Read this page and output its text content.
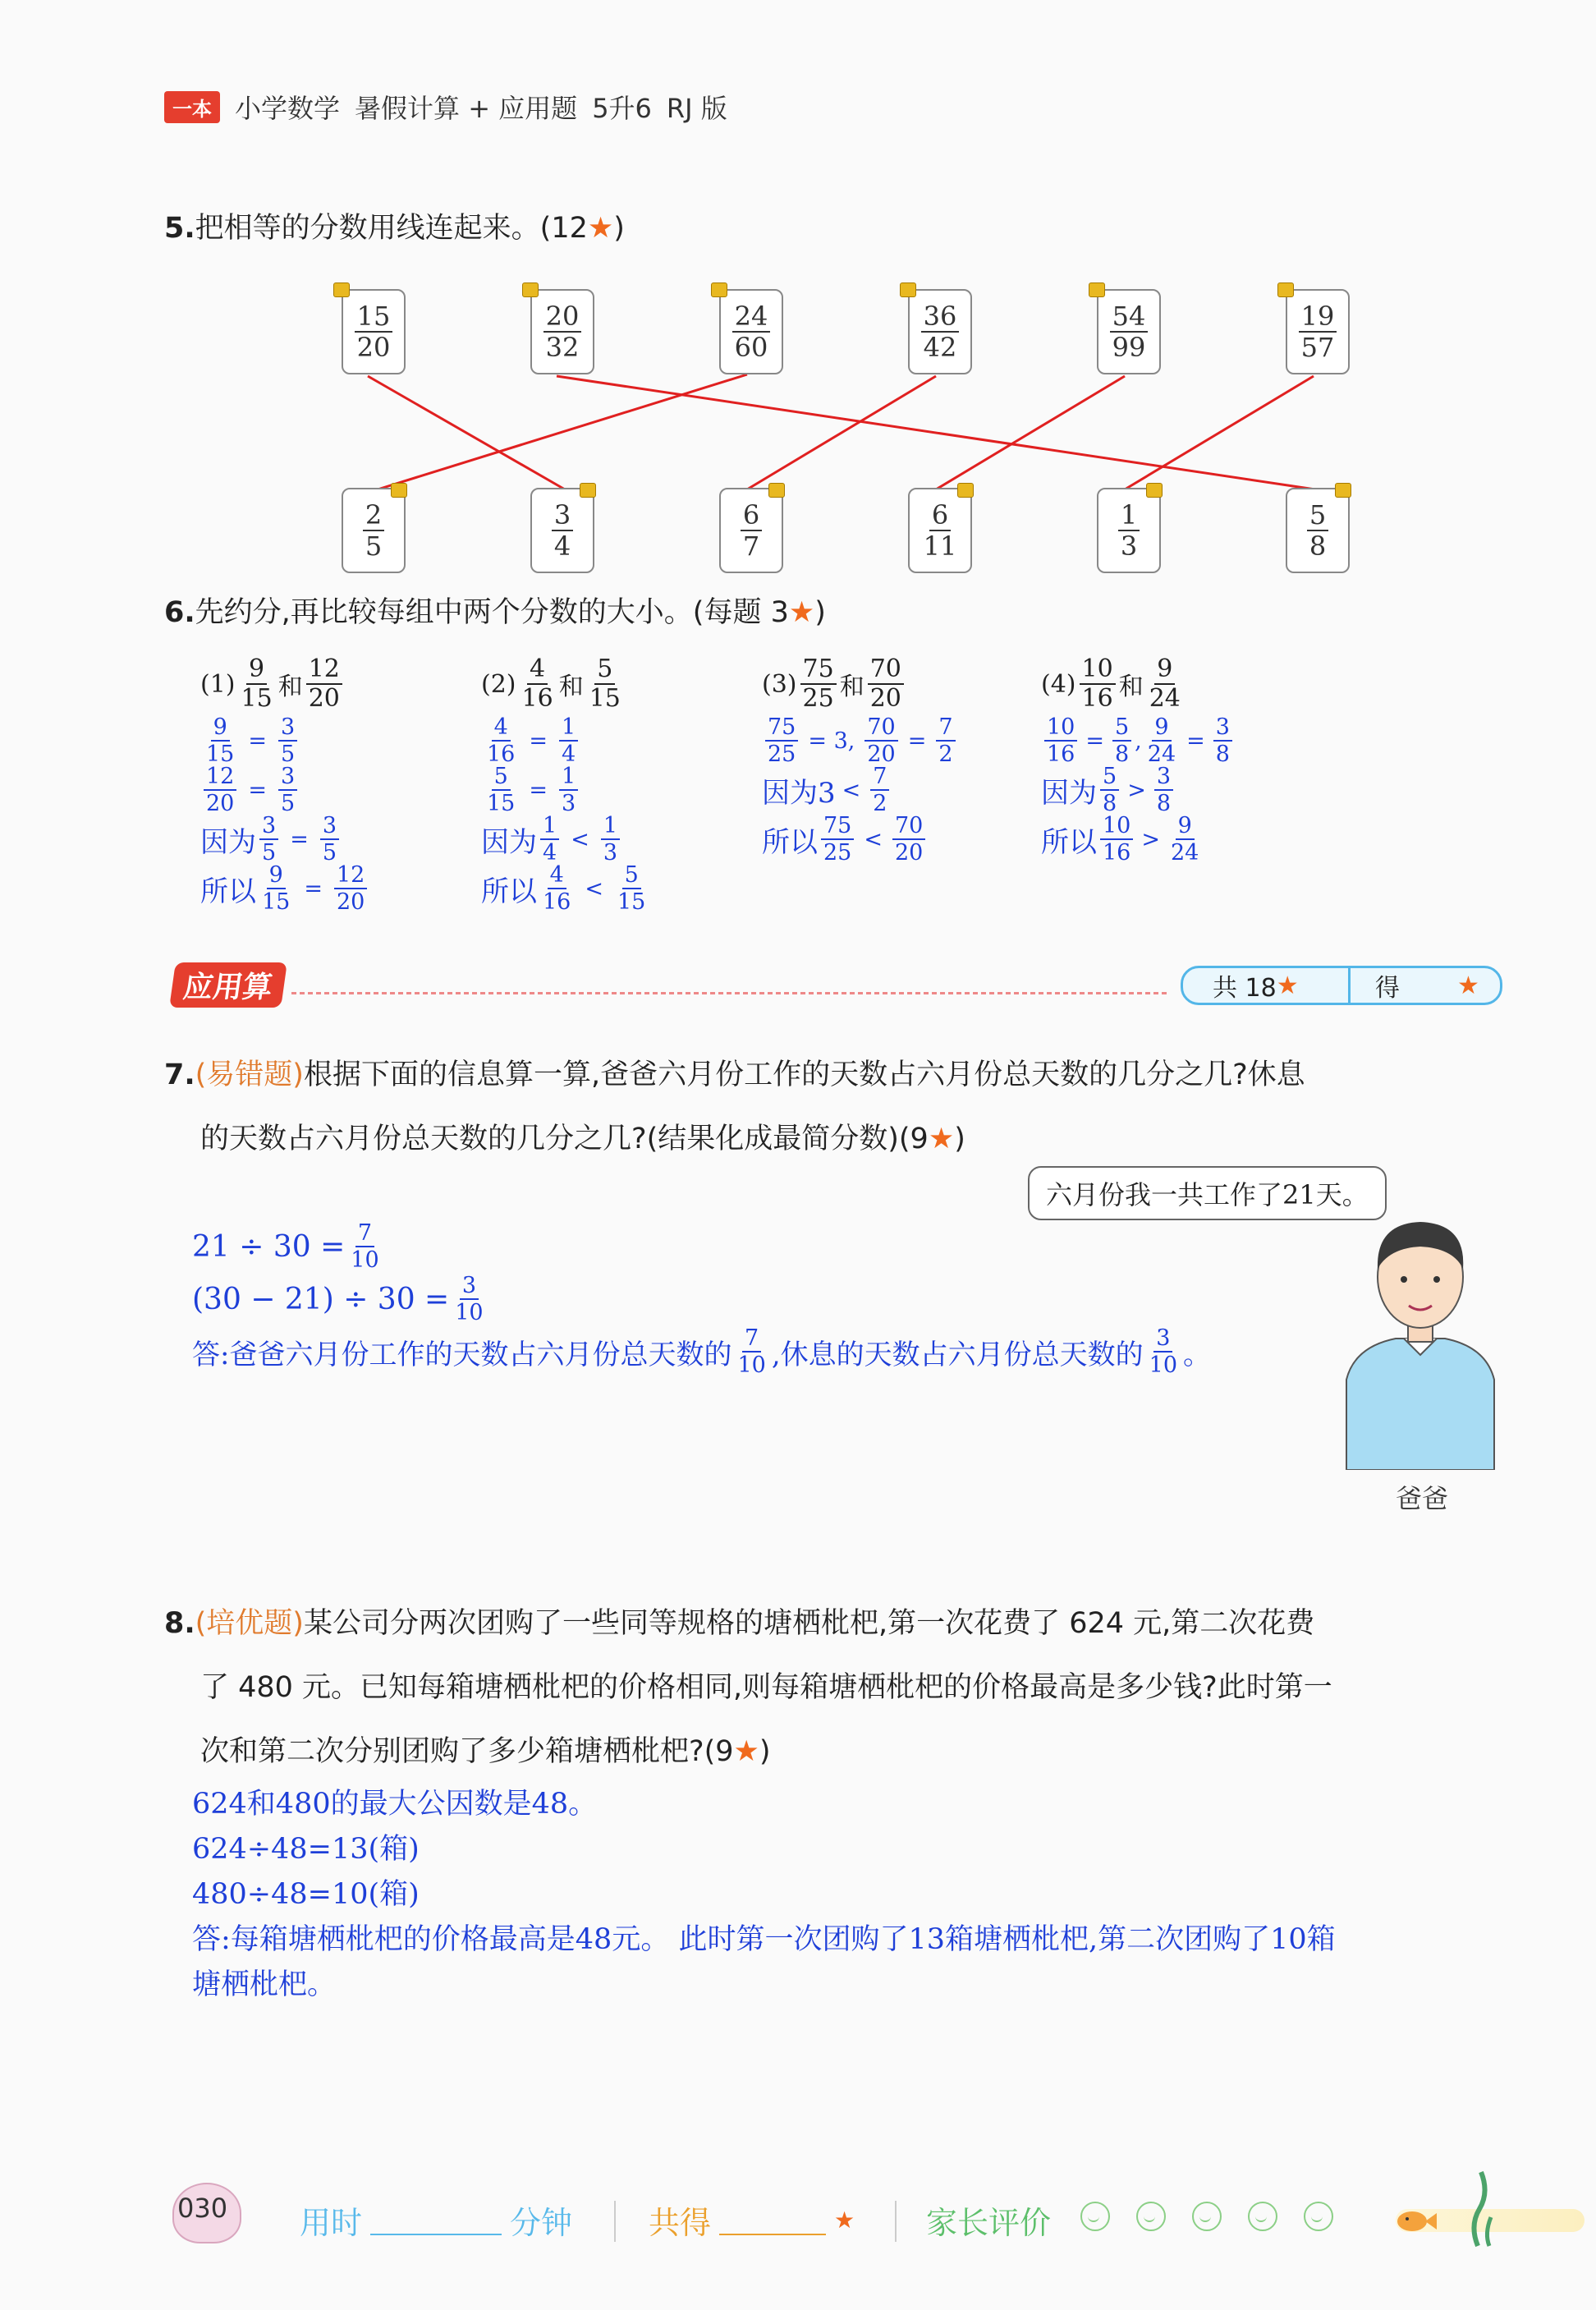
一本 小学数学 暑假计算 + 应用题 5升6 RJ 版
5.把相等的分数用线连起来。(12★)
$\frac{15}{20}$	$\frac{20}{32}$	$\frac{24}{60}$	$\frac{36}{42}$	$\frac{54}{99}$	$\frac{19}{57}$
$\frac{2}{5}$	$\frac{3}{4}$	$\frac{6}{7}$	$\frac{6}{11}$	$\frac{1}{3}$	$\frac{5}{8}$
6.先约分,再比较每组中两个分数的大小。(每题 3★)
$(1) \frac{9}{15}$ 和 $\frac{12}{20}$
$\frac{9}{15} = \frac{3}{5}$
$\frac{12}{20} = \frac{3}{5}$
因为 $\frac{3}{5} = \frac{3}{5}$
所以 $\frac{9}{15} = \frac{12}{20}$
$(2) \frac{4}{16}$ 和 $\frac{5}{15}$
$\frac{4}{16} = \frac{1}{4}$
$\frac{5}{15} = \frac{1}{3}$
因为 $\frac{1}{4} < \frac{1}{3}$
所以 $\frac{4}{16} < \frac{5}{15}$
$(3) \frac{75}{25}$ 和 $\frac{70}{20}$
$\frac{75}{25} = 3$, $\frac{70}{20} = \frac{7}{2}$
因为$3 < \frac{7}{2}$
所以 $\frac{75}{25} < \frac{70}{20}$
$(4) \frac{10}{16}$ 和 $\frac{9}{24}$
$\frac{10}{16} = \frac{5}{8}$ , $\frac{9}{24} = \frac{3}{8}$
因为 $\frac{5}{8} > \frac{3}{8}$
所以 $\frac{10}{16} > \frac{9}{24}$
应用算	共 18 ★	得 ★
7.(易错题)根据下面的信息算一算,爸爸六月份工作的天数占六月份总天数的几分之几?休息
的天数占六月份总天数的几分之几?(结果化成最简分数)(9★)
六月份我一共工作了21天。
爸爸
$21 \div 30 = \frac{7}{10}$
$(30 - 21) \div 30 = \frac{3}{10}$
答:爸爸六月份工作的天数占六月份总天数的 $\frac{7}{10}$ ,休息的天数占六月份总天数的 $\frac{3}{10}$ 。
8.(培优题)某公司分两次团购了一些同等规格的塘栖枇杷,第一次花费了 624 元,第二次花费
了 480 元。已知每箱塘栖枇杷的价格相同,则每箱塘栖枇杷的价格最高是多少钱?此时第一
次和第二次分别团购了多少箱塘栖枇杷?(9★)
624和480的最大公因数是48。
624÷48=13(箱)
480÷48=10(箱)
答:每箱塘栖枇杷的价格最高是48元。 此时第一次团购了13箱塘栖枇杷,第二次团购了10箱
塘栖枇杷。
030 用时	分钟 共得	★ 家长评价
